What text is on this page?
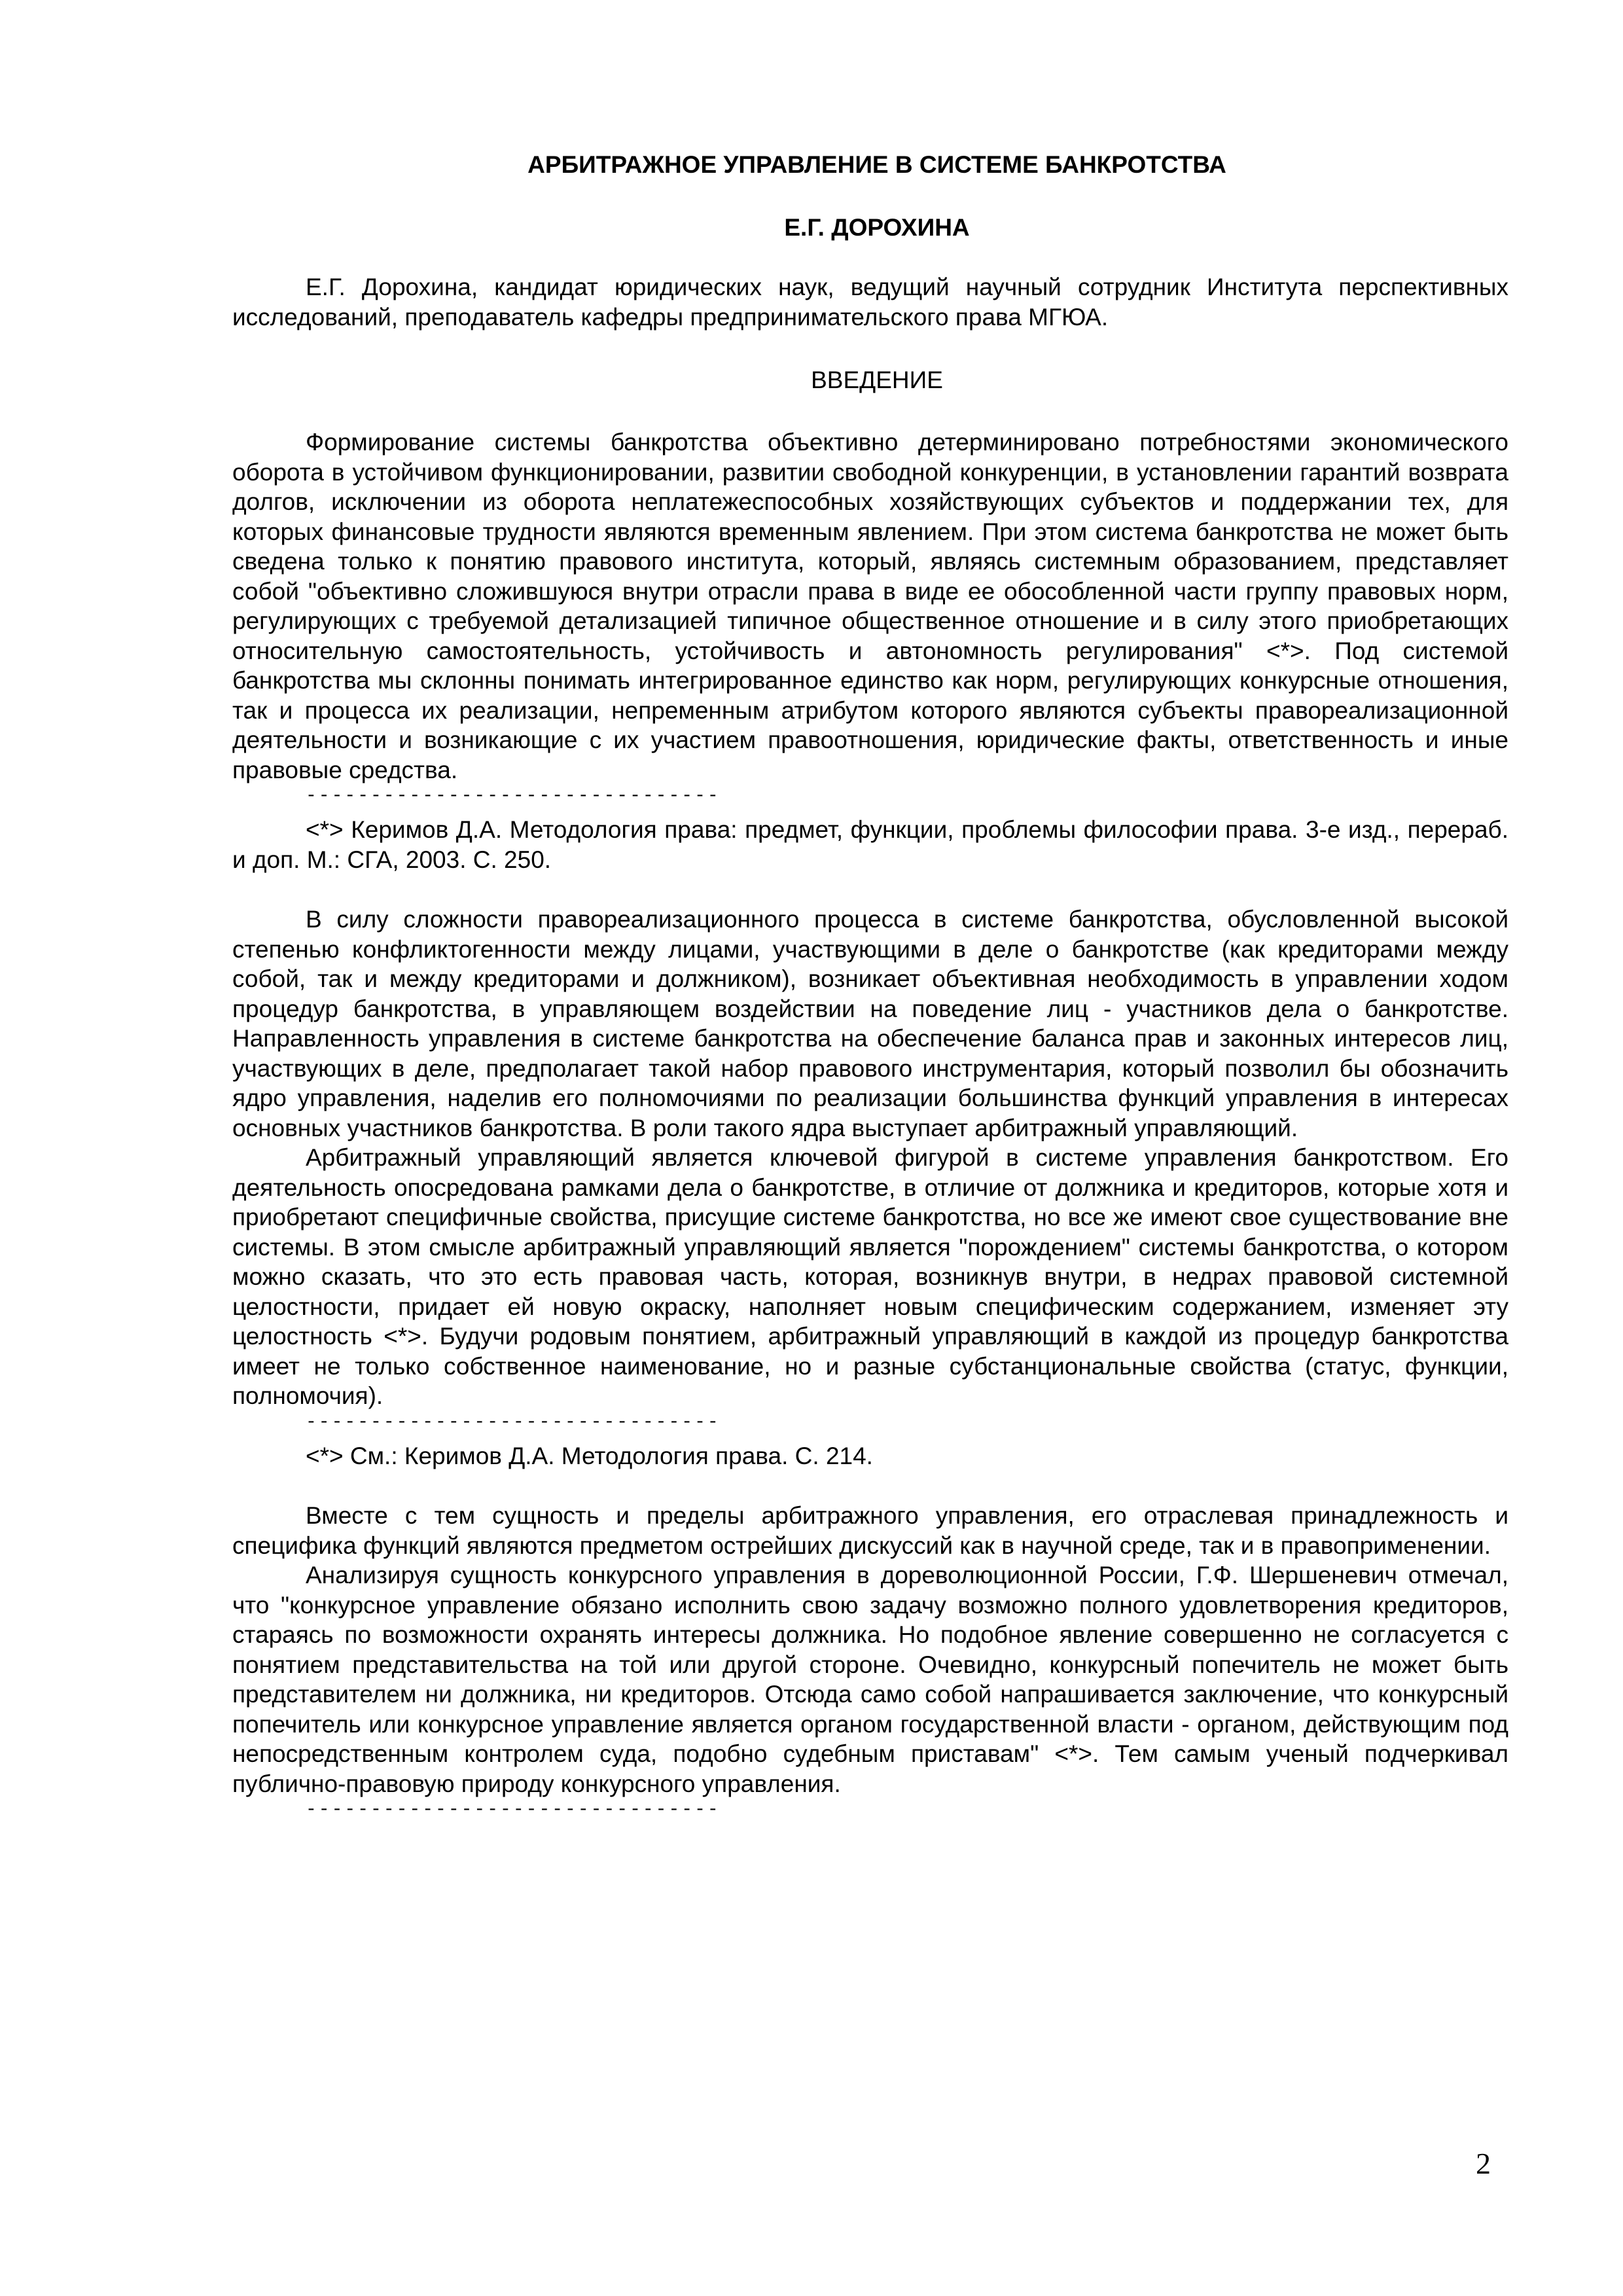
АРБИТРАЖНОЕ УПРАВЛЕНИЕ В СИСТЕМЕ БАНКРОТСТВА

Е.Г. ДОРОХИНА

Е.Г. Дорохина, кандидат юридических наук, ведущий научный сотрудник Института перспективных исследований, преподаватель кафедры предпринимательского права МГЮА.

ВВЕДЕНИЕ

Формирование системы банкротства объективно детерминировано потребностями экономического оборота в устойчивом функционировании, развитии свободной конкуренции, в установлении гарантий возврата долгов, исключении из оборота неплатежеспособных хозяйствующих субъектов и поддержании тех, для которых финансовые трудности являются временным явлением. При этом система банкротства не может быть сведена только к понятию правового института, который, являясь системным образованием, представляет собой "объективно сложившуюся внутри отрасли права в виде ее обособленной части группу правовых норм, регулирующих с требуемой детализацией типичное общественное отношение и в силу этого приобретающих относительную самостоятельность, устойчивость и автономность регулирования" <*>. Под системой банкротства мы склонны понимать интегрированное единство как норм, регулирующих конкурсные отношения, так и процесса их реализации, непременным атрибутом которого являются субъекты правореализационной деятельности и возникающие с их участием правоотношения, юридические факты, ответственность и иные правовые средства.

--------------------------------

<*> Керимов Д.А. Методология права: предмет, функции, проблемы философии права. 3-е изд., перераб. и доп. М.: СГА, 2003. С. 250.

В силу сложности правореализационного процесса в системе банкротства, обусловленной высокой степенью конфликтогенности между лицами, участвующими в деле о банкротстве (как кредиторами между собой, так и между кредиторами и должником), возникает объективная необходимость в управлении ходом процедур банкротства, в управляющем воздействии на поведение лиц - участников дела о банкротстве. Направленность управления в системе банкротства на обеспечение баланса прав и законных интересов лиц, участвующих в деле, предполагает такой набор правового инструментария, который позволил бы обозначить ядро управления, наделив его полномочиями по реализации большинства функций управления в интересах основных участников банкротства. В роли такого ядра выступает арбитражный управляющий.

Арбитражный управляющий является ключевой фигурой в системе управления банкротством. Его деятельность опосредована рамками дела о банкротстве, в отличие от должника и кредиторов, которые хотя и приобретают специфичные свойства, присущие системе банкротства, но все же имеют свое существование вне системы. В этом смысле арбитражный управляющий является "порождением" системы банкротства, о котором можно сказать, что это есть правовая часть, которая, возникнув внутри, в недрах правовой системной целостности, придает ей новую окраску, наполняет новым специфическим содержанием, изменяет эту целостность <*>. Будучи родовым понятием, арбитражный управляющий в каждой из процедур банкротства имеет не только собственное наименование, но и разные субстанциональные свойства (статус, функции, полномочия).

--------------------------------

<*> См.: Керимов Д.А. Методология права. С. 214.

Вместе с тем сущность и пределы арбитражного управления, его отраслевая принадлежность и специфика функций являются предметом острейших дискуссий как в научной среде, так и в правоприменении.

Анализируя сущность конкурсного управления в дореволюционной России, Г.Ф. Шершеневич отмечал, что "конкурсное управление обязано исполнить свою задачу возможно полного удовлетворения кредиторов, стараясь по возможности охранять интересы должника. Но подобное явление совершенно не согласуется с понятием представительства на той или другой стороне. Очевидно, конкурсный попечитель не может быть представителем ни должника, ни кредиторов. Отсюда само собой напрашивается заключение, что конкурсный попечитель или конкурсное управление является органом государственной власти - органом, действующим под непосредственным контролем суда, подобно судебным приставам" <*>. Тем самым ученый подчеркивал публично-правовую природу конкурсного управления.

--------------------------------
2
